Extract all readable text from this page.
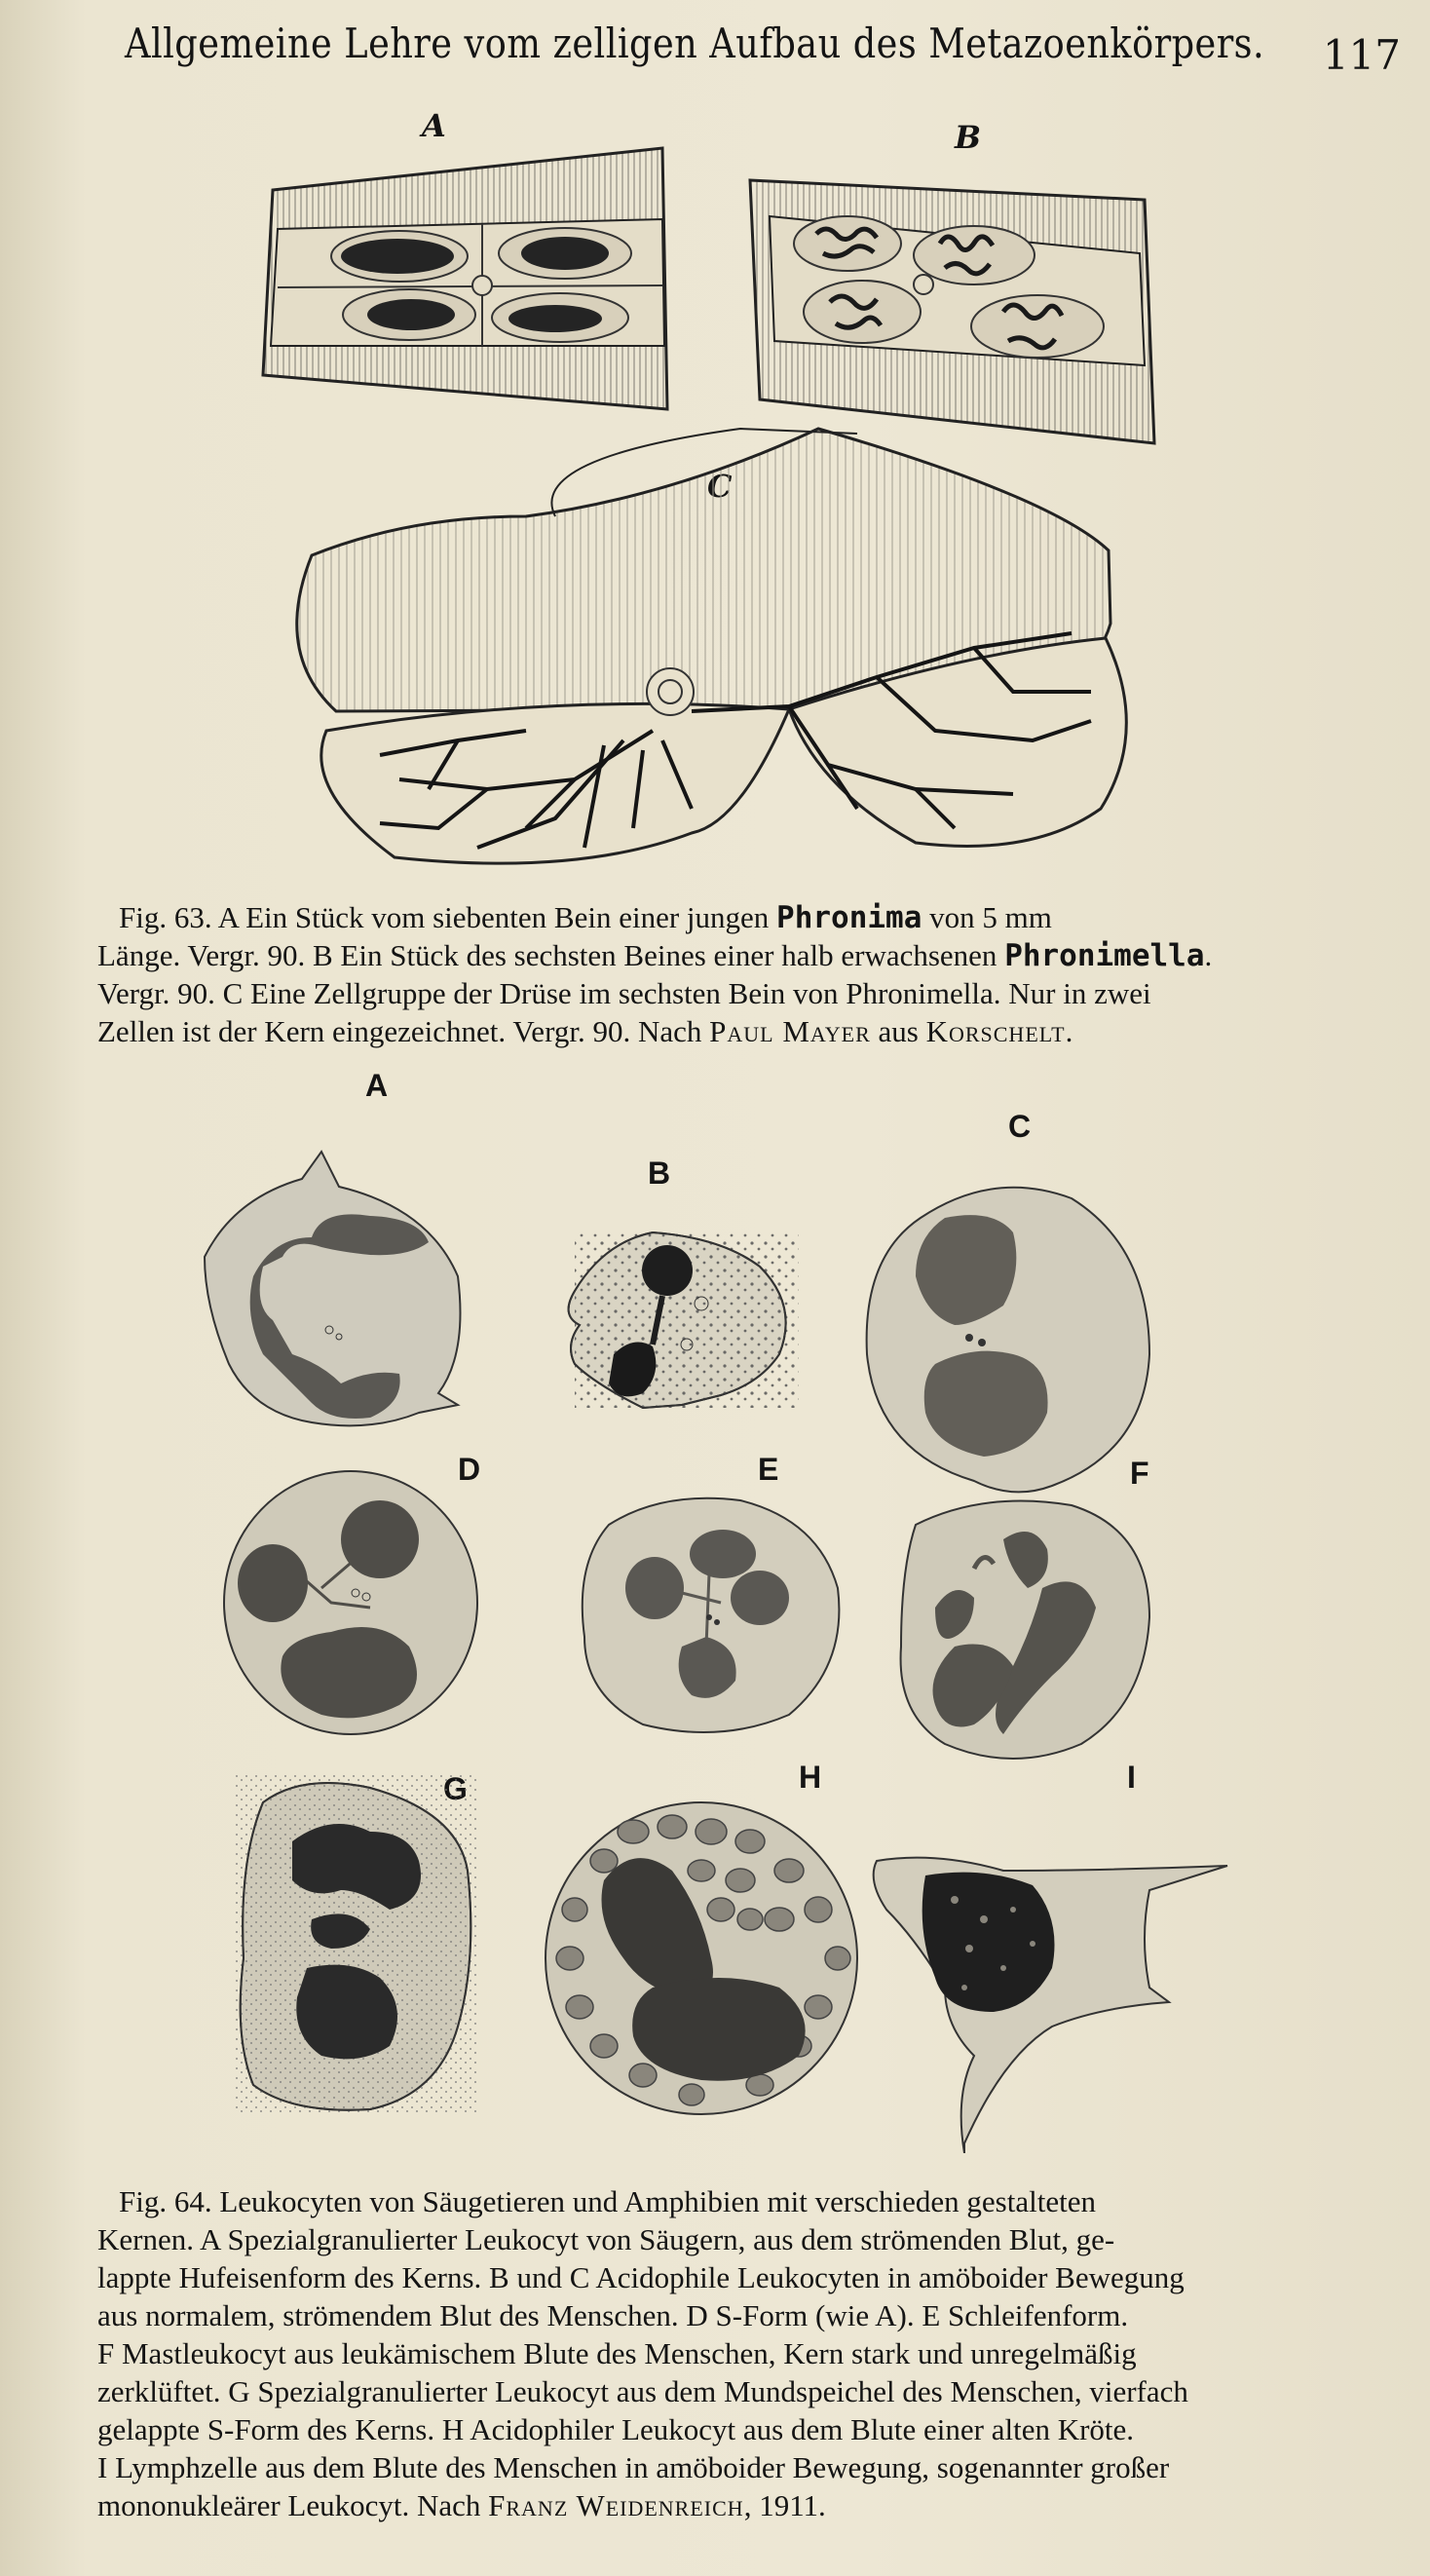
Allgemeine Lehre vom zelligen Aufbau des Metazoenkörpers. 117
A	B
Fig. 63. A Ein Stück vom siebenten Bein einer jungen Phronima von 5 mm
Länge. Vergr. 90. B Ein Stück des sechsten Beines einer halb erwachsenen Phronimella.
Vergr. 90. C Eine Zellgruppe der Drüse im sechsten Bein von Phronimella. Nur in zwei
Zellen ist der Kern eingezeichnet. Vergr. 90. Nach Paul Mayer aus Korschelt.
A
B
C
D	E	F
H	I
Fig. 64. Leukocyten von Säugetieren und Amphibien mit verschieden gestalteten
Kernen. A Spezialgranulierter Leukocyt von Säugern, aus dem strömenden Blut, ge-
lappte Hufeisenform des Kerns. B und C Acidophile Leukocyten in amöboider Bewegung
aus normalem, strömendem Blut des Menschen. D S-Form (wie A). E Schleifenform.
F Mastleukocyt aus leukämischem Blute des Menschen, Kern stark und unregelmäßig
zerklüftet. G Spezialgranulierter Leukocyt aus dem Mundspeichel des Menschen, vierfach
gelappte S-Form des Kerns. H Acidophiler Leukocyt aus dem Blute einer alten Kröte.
I Lymphzelle aus dem Blute des Menschen in amöboider Bewegung, sogenannter großer
mononukleärer Leukocyt. Nach Franz Weidenreich, 1911.
